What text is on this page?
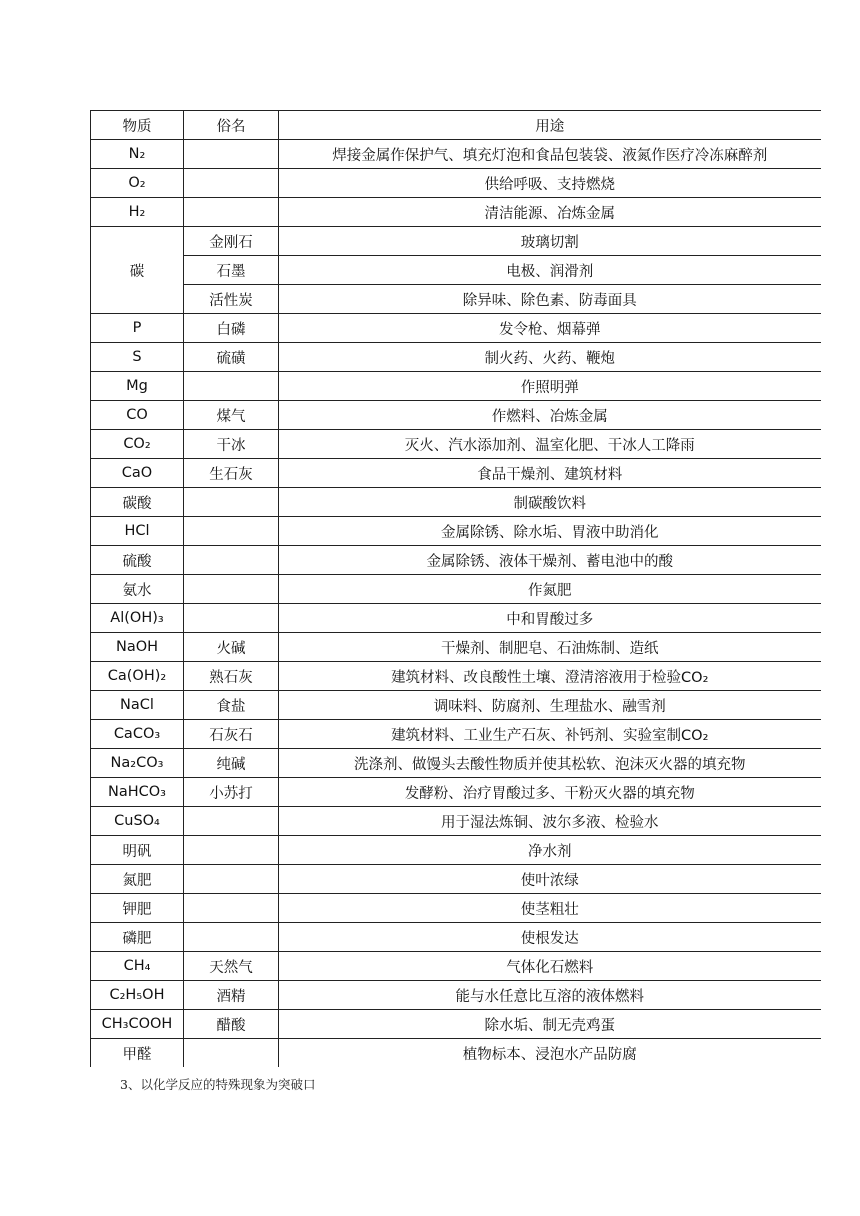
物质	俗名	用途
N₂		焊接金属作保护气、填充灯泡和食品包装袋、液氮作医疗冷冻麻醉剂
O₂		供给呼吸、支持燃烧
H₂		清洁能源、冶炼金属
碳	金刚石	玻璃切割
	石墨	电极、润滑剂
	活性炭	除异味、除色素、防毒面具
P	白磷	发令枪、烟幕弹
S	硫磺	制火药、火药、鞭炮
Mg		作照明弹
CO	煤气	作燃料、冶炼金属
CO₂	干冰	灭火、汽水添加剂、温室化肥、干冰人工降雨
CaO	生石灰	食品干燥剂、建筑材料
碳酸		制碳酸饮料
HCl		金属除锈、除水垢、胃液中助消化
硫酸		金属除锈、液体干燥剂、蓄电池中的酸
氨水		作氮肥
Al(OH)₃		中和胃酸过多
NaOH	火碱	干燥剂、制肥皂、石油炼制、造纸
Ca(OH)₂	熟石灰	建筑材料、改良酸性土壤、澄清溶液用于检验CO₂
NaCl	食盐	调味料、防腐剂、生理盐水、融雪剂
CaCO₃	石灰石	建筑材料、工业生产石灰、补钙剂、实验室制CO₂
Na₂CO₃	纯碱	洗涤剂、做馒头去酸性物质并使其松软、泡沫灭火器的填充物
NaHCO₃	小苏打	发酵粉、治疗胃酸过多、干粉灭火器的填充物
CuSO₄		用于湿法炼铜、波尔多液、检验水
明矾		净水剂
氮肥		使叶浓绿
钾肥		使茎粗壮
磷肥		使根发达
CH₄	天然气	气体化石燃料
C₂H₅OH	酒精	能与水任意比互溶的液体燃料
CH₃COOH	醋酸	除水垢、制无壳鸡蛋
甲醛		植物标本、浸泡水产品防腐
3、以化学反应的特殊现象为突破口
